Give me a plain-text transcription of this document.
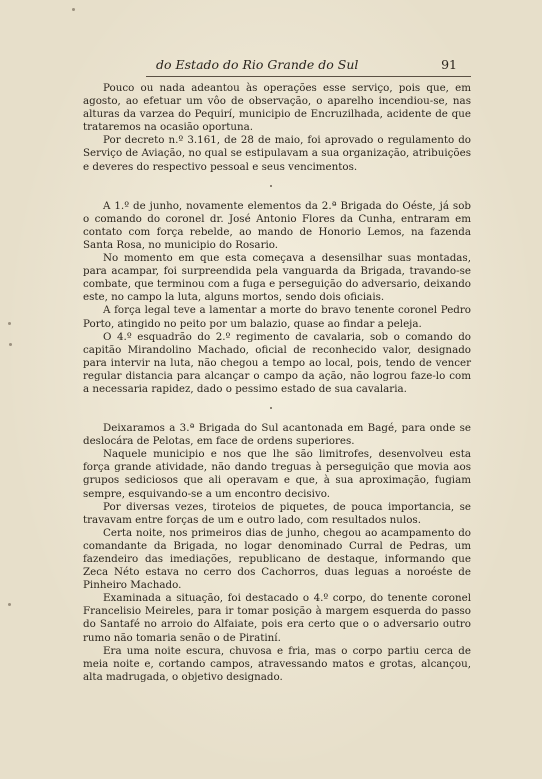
do Estado do Rio Grande do Sul	91

Pouco ou nada adeantou às operações esse serviço, pois que, em agosto, ao efetuar um vôo de observação, o aparelho incendiou-se, nas alturas da varzea do Pequirí, municipio de Encruzilhada, acidente de que trataremos na ocasião oportuna.

Por decreto n.º 3.161, de 28 de maio, foi aprovado o regulamento do Serviço de Aviação, no qual se estipulavam a sua organização, atribuições e deveres do respectivo pessoal e seus vencimentos.

A 1.º de junho, novamente elementos da 2.ª Brigada do Oéste, já sob o comando do coronel dr. José Antonio Flores da Cunha, entraram em contato com força rebelde, ao mando de Honorio Lemos, na fazenda Santa Rosa, no municipio do Rosario.

No momento em que esta começava a desensilhar suas montadas, para acampar, foi surpreendida pela vanguarda da Brigada, travando-se combate, que terminou com a fuga e perseguição do adversario, deixando este, no campo la luta, alguns mortos, sendo dois oficiais.

A força legal teve a lamentar a morte do bravo tenente coronel Pedro Porto, atingido no peito por um balazio, quase ao findar a peleja.

O 4.º esquadrão do 2.º regimento de cavalaria, sob o comando do capitão Mirandolino Machado, oficial de reconhecido valor, designado para intervir na luta, não chegou a tempo ao local, pois, tendo de vencer regular distancia para alcançar o campo da ação, não logrou faze-lo com a necessaria rapidez, dado o pessimo estado de sua cavalaria.

Deixaramos a 3.ª Brigada do Sul acantonada em Bagé, para onde se deslocára de Pelotas, em face de ordens superiores.

Naquele municipio e nos que lhe são limitrofes, desenvolveu esta força grande atividade, não dando treguas à perseguição que movia aos grupos sediciosos que ali operavam e que, à sua aproximação, fugiam sempre, esquivando-se a um encontro decisivo.

Por diversas vezes, tiroteios de piquetes, de pouca importancia, se travavam entre forças de um e outro lado, com resultados nulos.

Certa noite, nos primeiros dias de junho, chegou ao acampamento do comandante da Brigada, no logar denominado Curral de Pedras, um fazendeiro das imediações, republicano de destaque, informando que Zeca Néto estava no cerro dos Cachorros, duas leguas a noroéste de Pinheiro Machado.

Examinada a situação, foi destacado o 4.º corpo, do tenente coronel Francelisio Meireles, para ir tomar posição à margem esquerda do passo do Santafé no arroio do Alfaiate, pois era certo que o o adversario outro rumo não tomaria senão o de Piratiní.

Era uma noite escura, chuvosa e fria, mas o corpo partiu cerca de meia noite e, cortando campos, atravessando matos e grotas, alcançou, alta madrugada, o objetivo designado.
